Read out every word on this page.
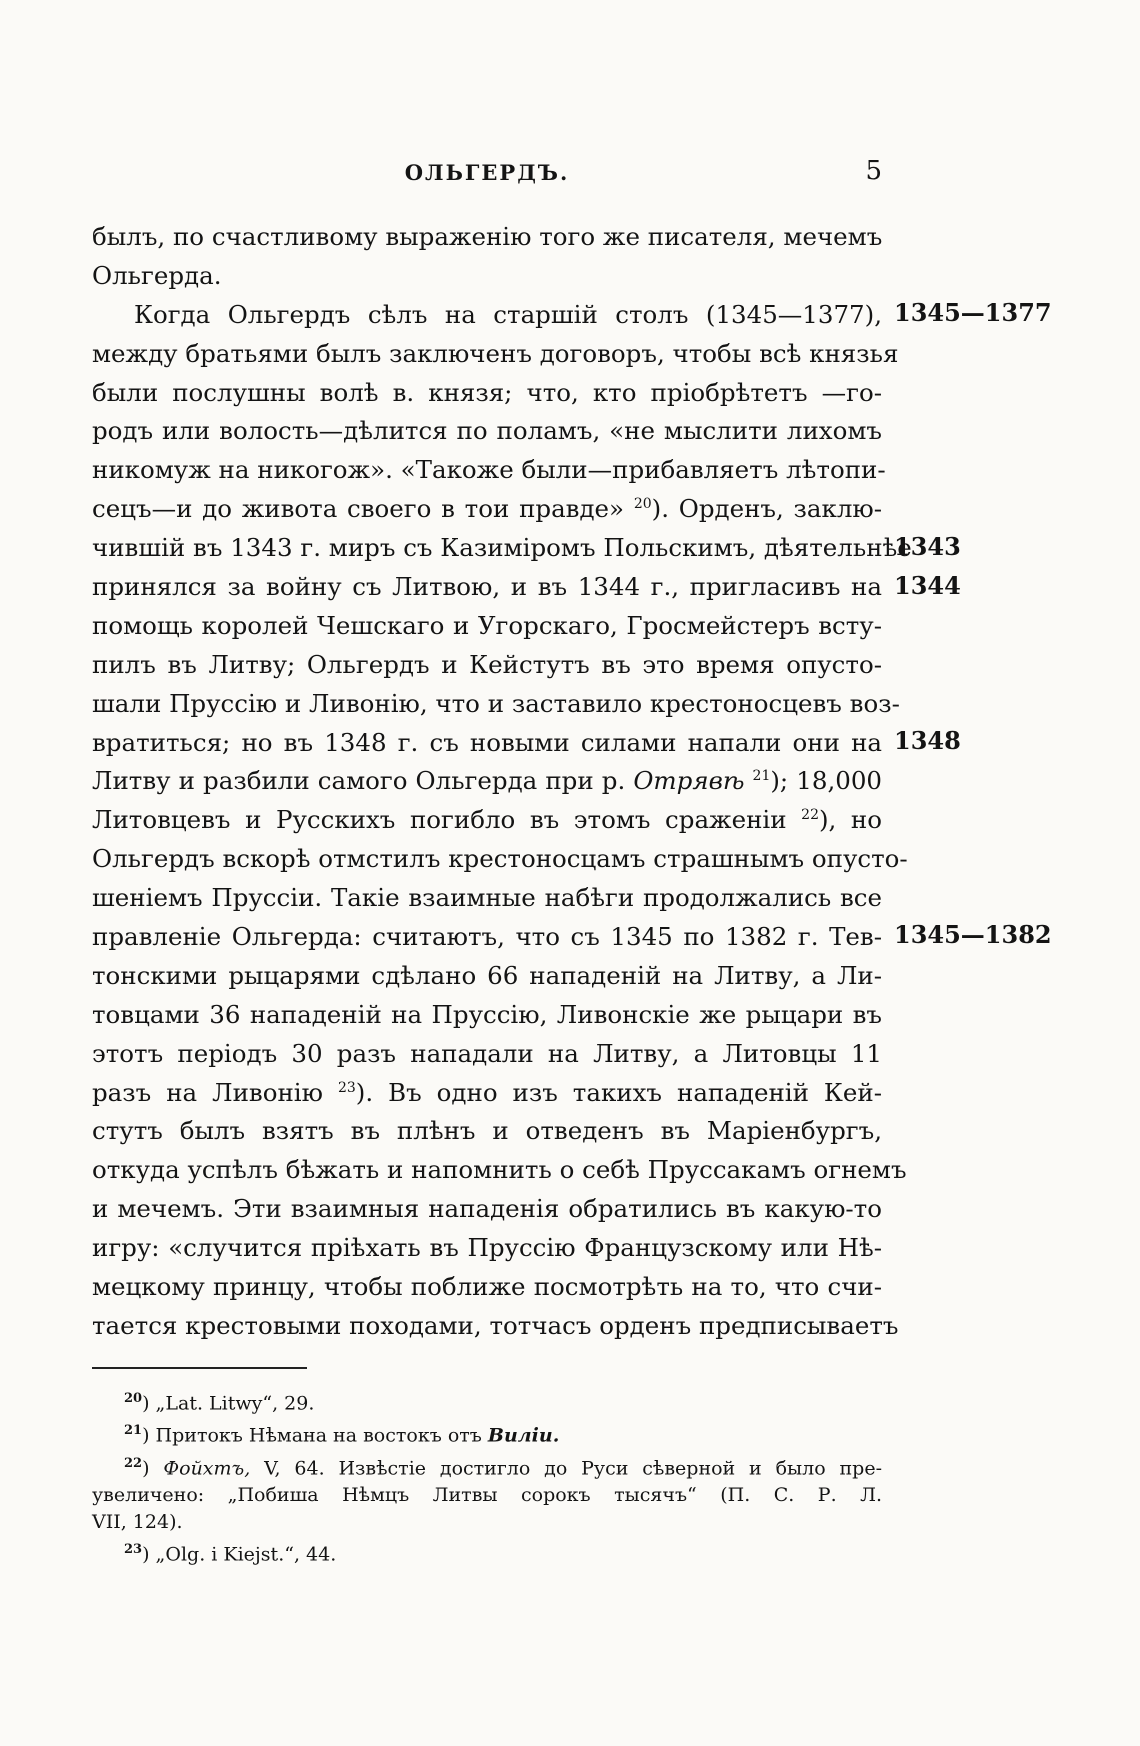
ОЛЬГЕРДЪ.	5
былъ, по счастливому выраженію того же писателя, мечемъ
Ольгерда.
Когда Ольгердъ сѣлъ на старшій столъ (1345—1377),
между братьями былъ заключенъ договоръ, чтобы всѣ князья
были послушны волѣ в. князя; что, кто пріобрѣтетъ —го-
родъ или волость—дѣлится по поламъ, «не мыслити лихомъ
никомуж на никогож». «Такоже были—прибавляетъ лѣтопи-
сецъ—и до живота своего в тои правде» $^{20}$). Орденъ, заклю-
чившій въ 1343 г. миръ съ Казиміромъ Польскимъ, дѣятельнѣе
принялся за войну съ Литвою, и въ 1344 г., пригласивъ на
помощь королей Чешскаго и Угорскаго, Гросмейстеръ всту-
пилъ въ Литву; Ольгердъ и Кейстутъ въ это время опусто-
шали Пруссію и Ливонію, что и заставило крестоносцевъ воз-
вратиться; но въ 1348 г. съ новыми силами напали они на
Литву и разбили самого Ольгерда при р. Отрявѣ $^{21}$); 18,000
Литовцевъ и Русскихъ погибло въ этомъ сраженіи $^{22}$), но
Ольгердъ вскорѣ отмстилъ крестоносцамъ страшнымъ опусто-
шеніемъ Пруссіи. Такіе взаимные набѣги продолжались все
правленіе Ольгерда: считаютъ, что съ 1345 по 1382 г. Тев-
тонскими рыцарями сдѣлано 66 нападеній на Литву, а Ли-
товцами 36 нападеній на Пруссію, Ливонскіе же рыцари въ
этотъ періодъ 30 разъ нападали на Литву, а Литовцы 11
разъ на Ливонію $^{23}$). Въ одно изъ такихъ нападеній Кей-
стутъ былъ взятъ въ плѣнъ и отведенъ въ Маріенбургъ,
откуда успѣлъ бѣжать и напомнить о себѣ Пруссакамъ огнемъ
и мечемъ. Эти взаимныя нападенія обратились въ какую-то
игру: «случится пріѣхать въ Пруссію Французскому или Нѣ-
мецкому принцу, чтобы поближе посмотрѣть на то, что счи-
тается крестовыми походами, тотчасъ орденъ предписываетъ
1345—1377
1343
1344
1348
1345—1382
$^{20}$) „Lat. Litwy“, 29.
$^{21}$) Притокъ Нѣмана на востокъ отъ Виліи.
$^{22}$) Фойхтъ, V, 64. Извѣстіе достигло до Руси сѣверной и было пре-
увеличено: „Побиша Нѣмцъ Литвы сорокъ тысячъ“ (П. С. Р. Л.
VII, 124).
$^{23}$) „Olg. i Kiejst.“, 44.
